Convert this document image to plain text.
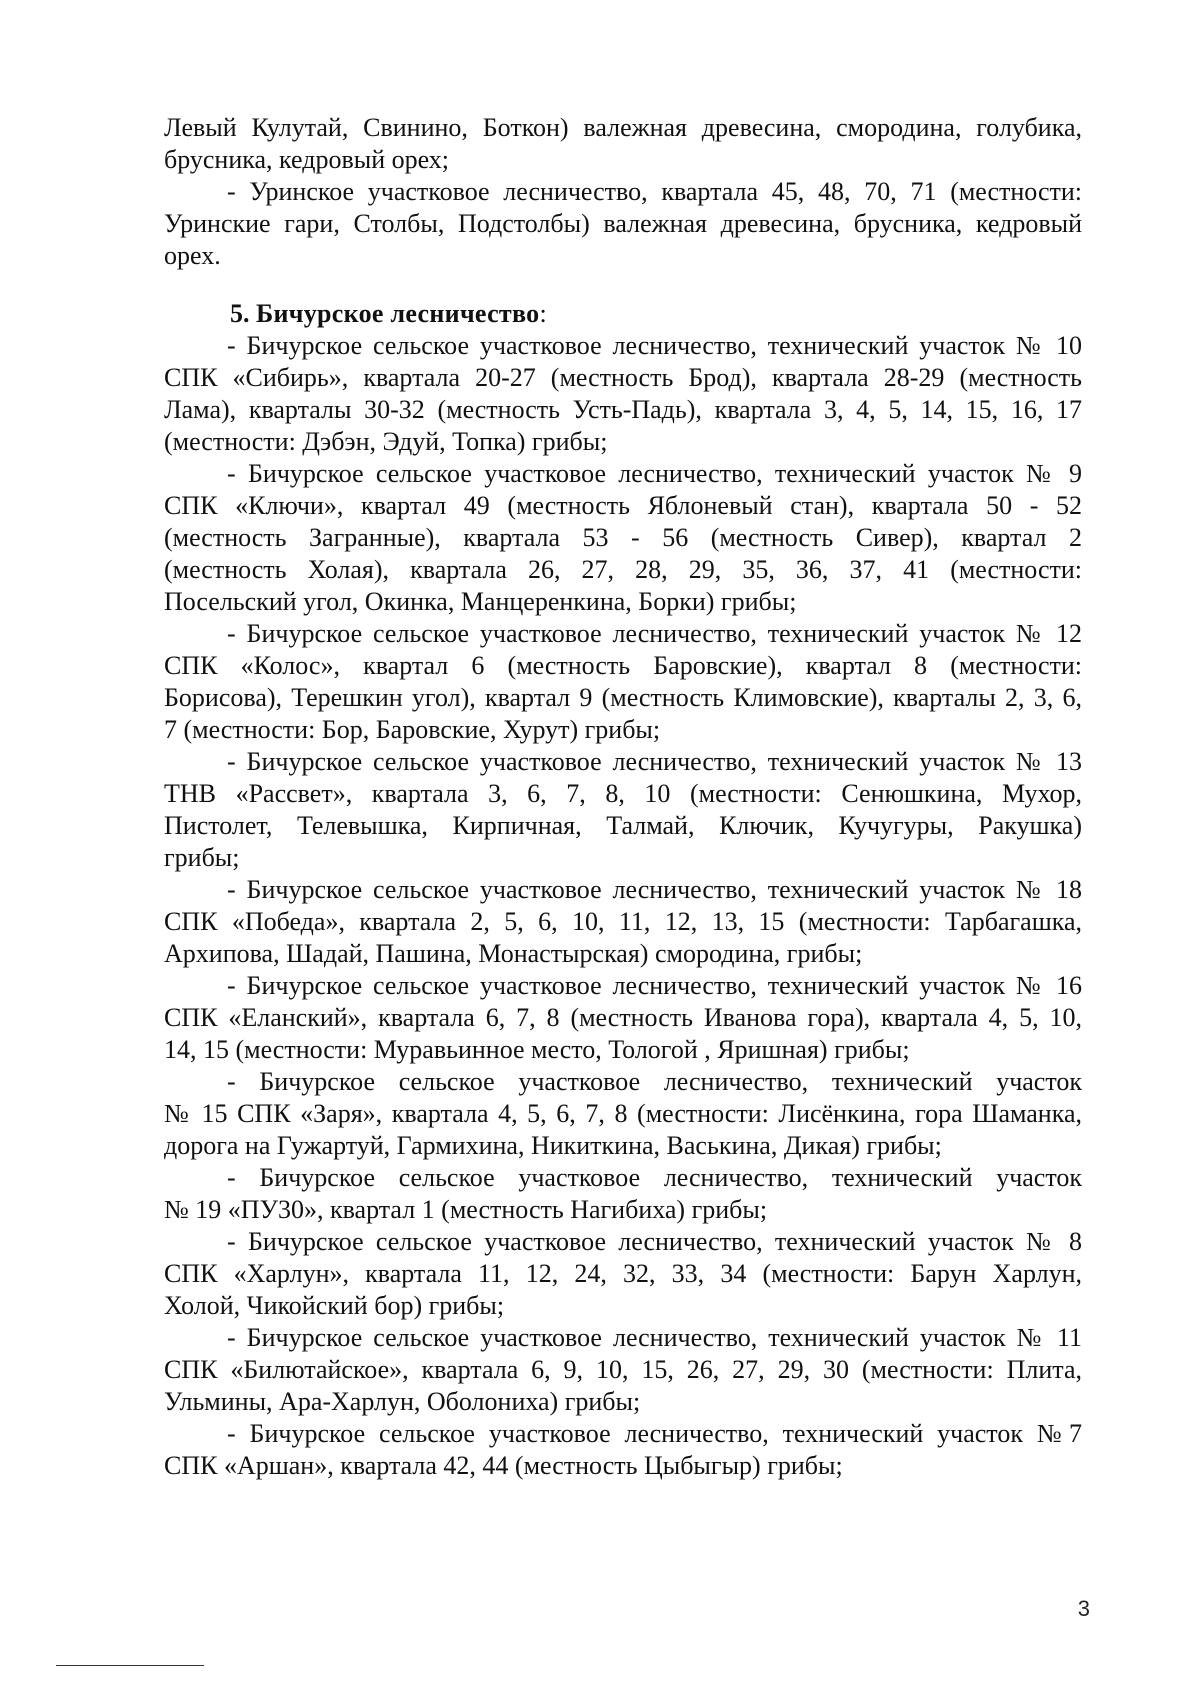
Левый Кулутай, Свинино, Боткон) валежная древесина, смородина, голубика,
брусника, кедровый орех;
- Уринское участковое лесничество, квартала 45, 48, 70, 71 (местности:
Уринские гари, Столбы, Подстолбы) валежная древесина, брусника, кедровый
орех.
5. Бичурское лесничество:
- Бичурское сельское участковое лесничество, технический участок № 10
СПК «Сибирь», квартала 20-27 (местность Брод), квартала 28-29 (местность
Лама), кварталы 30-32 (местность Усть-Падь), квартала 3, 4, 5, 14, 15, 16, 17
(местности: Дэбэн, Эдуй, Топка) грибы;
- Бичурское сельское участковое лесничество, технический участок № 9
СПК «Ключи», квартал 49 (местность Яблоневый стан), квартала 50 - 52
(местность Загранные), квартала 53 - 56 (местность Сивер), квартал 2
(местность Холая), квартала 26, 27, 28, 29, 35, 36, 37, 41 (местности:
Посельский угол, Окинка, Манцеренкина, Борки) грибы;
- Бичурское сельское участковое лесничество, технический участок № 12
СПК «Колос», квартал 6 (местность Баровские), квартал 8 (местности:
Борисова), Терешкин угол), квартал 9 (местность Климовские), кварталы 2, 3, 6,
7 (местности: Бор, Баровские, Хурут) грибы;
- Бичурское сельское участковое лесничество, технический участок № 13
ТНВ «Рассвет», квартала 3, 6, 7, 8, 10 (местности: Сенюшкина, Мухор,
Пистолет, Телевышка, Кирпичная, Талмай, Ключик, Кучугуры, Ракушка)
грибы;
- Бичурское сельское участковое лесничество, технический участок № 18
СПК «Победа», квартала 2, 5, 6, 10, 11, 12, 13, 15 (местности: Тарбагашка,
Архипова, Шадай, Пашина, Монастырская) смородина, грибы;
- Бичурское сельское участковое лесничество, технический участок № 16
СПК «Еланский», квартала 6, 7, 8 (местность Иванова гора), квартала 4, 5, 10,
14, 15 (местности: Муравьинное место, Тологой , Яришная) грибы;
- Бичурское сельское участковое лесничество, технический участок
№ 15 СПК «Заря», квартала 4, 5, 6, 7, 8 (местности: Лисёнкина, гора Шаманка,
дорога на Гужартуй, Гармихина, Никиткина, Васькина, Дикая) грибы;
- Бичурское сельское участковое лесничество, технический участок
№ 19 «ПУ30», квартал 1 (местность Нагибиха) грибы;
- Бичурское сельское участковое лесничество, технический участок № 8
СПК «Харлун», квартала 11, 12, 24, 32, 33, 34 (местности: Барун Харлун,
Холой, Чикойский бор) грибы;
- Бичурское сельское участковое лесничество, технический участок № 11
СПК «Билютайское», квартала 6, 9, 10, 15, 26, 27, 29, 30 (местности: Плита,
Ульмины, Ара-Харлун, Оболониха) грибы;
- Бичурское сельское участковое лесничество, технический участок №7
СПК «Аршан», квартала 42, 44 (местность Цыбыгыр) грибы;
3
